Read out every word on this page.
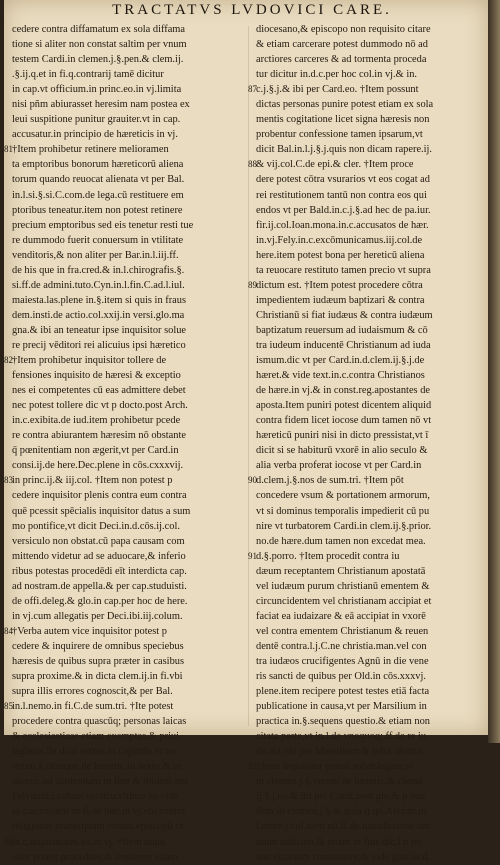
TRACTATVS LVDOVICI CARE.
cedere contra diffamatum ex sola diffama
tione si aliter non constat saltim per vnum
testem Cardi.in clemen.j.§.pen.& clem.ij.
.§.ij.q.et in fi.q.contrarij tamē dicitur
in cap.vt officium.in princ.eo.in vj.limita
nisi pñm abiurasset heresim nam postea ex
leui suspitione punitur grauiter.vt in cap.
accusatur.in principio de hæreticis in vj.
81†Item prohibetur retinere melioramen
ta emptoribus bonorum hæreticorū aliena
torum quando reuocat alienata vt per Bal.
in.l.si.§.si.C.com.de lega.cū restituere em
ptoribus teneatur.item non potest retinere
precium emptoribus sed eis tenetur resti tue
re dummodo fuerit conuersum in vtilitate
venditoris,& non aliter per Bar.in.l.iij.ff.
de his que in fra.cred.& in.l.chirografis.§.
si.ff.de admini.tuto.Cyn.in.l.fin.C.ad.l.iul.
maiesta.las.plene in.§.item si quis in fraus
dem.insti.de actio.col.xxij.in versi.glo.ma
gna.& ibi an teneatur ipse inquisitor solue
re precij vēditori rei alicuius ipsi hæretico
82†Item prohibetur inquisitor tollere de
fensiones inquisito de hæresi & exceptio
nes ei competentes cū eas admittere debet
nec potest tollere dic vt p docto.post Arch.
in.c.exibita.de iud.item prohibetur pcede
re contra abiurantem hæresim nō obstante
q̄ pœnitentiam non ægerit,vt per Card.in
consi.ij.de here.Dec.plene in cōs.cxxxvij.
83in princ.ij.& iij.col. †Item non potest p
cedere inquisitor plenis contra eum contra
quē pcessit spēcialis inquisitor datus a sum
mo pontifice,vt dicit Deci.in.d.cōs.ij.col.
versiculo non obstat.cū papa causam com
mittendo videtur ad se aduocare,& inferio
ribus potestas procedēdi eīt interdicta cap.
ad nostram.de appella.& per cap.studuisti.
de offi.deleg.& glo.in cap.per hoc de here.
in vj.cum allegatis per Deci.ibi.iij.colum.
84†Verba autem vice inquisitor potest p
cedere & inquirere de omnibus speciebus
hæresis de quibus supra præter in casibus
supra proxime.& in dicta clem.ij.in fi.vbi
supra illis errores cognoscit,& per Bal.
85in.l.nemo.in fi.C.de sum.tri. †Ite potest
procedere contra quascūq; personas laicas
& ecclesiasticas etiam exemptas,& priui
legiatas,ita dicit textus in capitulo vt no
strum.§.denique de hæretic.in sexto & in
dicto.c.ad abolendam in fine & ibidem per
Felynum.i.colum.versicu.vltimo no.vide
in.c.accusatus in fi.de hær.in vj.vbi contra
religiosos præterquam contra episcopū vt
86in.c.inquisitores.eo.in vj. †Item inqui
sitor potest procedere,& inquirere etiam
diocesano,& episcopo non requisito citare
& etiam carcerare potest dummodo nō ad
arctiores carceres & ad tormenta proceda
tur dicitur in.d.c.per hoc col.in vj.& in.
87c.j.§.j.& ibi per Card.eo. †Item possunt
dictas personas punire potest etiam ex sola
mentis cogitatione licet signa hæresis non
probentur confessione tamen ipsarum,vt
dicit Bal.in.l.j.§.j.quis non dicam rapere.ij.
88& vij.col.C.de epi.& cler. †Item proce
dere potest cōtra vsurarios vt eos cogat ad
rei restitutionem tantū non contra eos qui
endos vt per Bald.in.c.j.§.ad hec de pa.iur.
fir.ij.col.Ioan.mona.in.c.accusatos de hær.
in.vj.Fely.in.c.excōmunicamus.iij.col.de
here.item potest bona per hereticū aliena
ta reuocare restituto tamen precio vt supra
89dictum est. †Item potest procedere cōtra
impedientem iudæum baptizari & contra
Christianū si fiat iudæus & contra iudæum
baptizatum reuersum ad iudaismum & cō
tra iudeum inducentē Christianum ad iuda
ismum.dic vt per Card.in.d.clem.ij.§.j.de
hæret.& vide text.in.c.contra Christianos
de hære.in vj.& in const.reg.apostantes de
aposta.Item puniri potest dicentem aliquid
contra fidem licet iocose dum tamen nō vt
hæreticū puniri nisi in dicto pressistat,vt ī
dicit si se habiturū vxorē in alio seculo &
alia verba proferat iocose vt per Card.in
90d.clem.j.§.nos de sum.tri. †Item pōt
concedere vsum & portationem armorum,
vt si dominus temporalis impedierit cū pu
nire vt turbatorem Cardi.in clem.ij.§.prior.
no.de hære.dum tamen non excedat mea.
91d.§.porro. †Item procedit contra iu
dæum receptantem Christianum apostatā
vel iudæum purum christianū ementem &
circuncidentem vel christianam accipiat et
faciat ea iudaizare & eā accipiat in vxorē
vel contra ementem Christianum & reuen
dentē contra.l.j.C.ne christia.man.vel con
tra iudæos crucifigentes Agnū in die vene
ris sancti de quibus per Old.in cōs.xxxvj.
plene.item recipere potest testes etiā facta
publicatione in causa,vt per Marsilium in
practica in.§.sequens questio.& etiam non
citata parte,vt in.l.de vnoquoq;.ff.de re iu.
dicata,vbi per Marsilium:& infra dicetur.
92†Item inquisitor potest subdelegare,vt
in clemen.j.§.verum de hæretic.& clemē.
ij.§.j.eo.& ibi per Cardi.post glo.& p eun
dem in clemen.j.§.& quia.ij.qo.Alexan.in
l.more.j.col.item nō.ff.de iurisdictione om
nium iudicum,& etiam in fine.dic.l.p po
test vicarium constituere,& vide glos.in.d.
